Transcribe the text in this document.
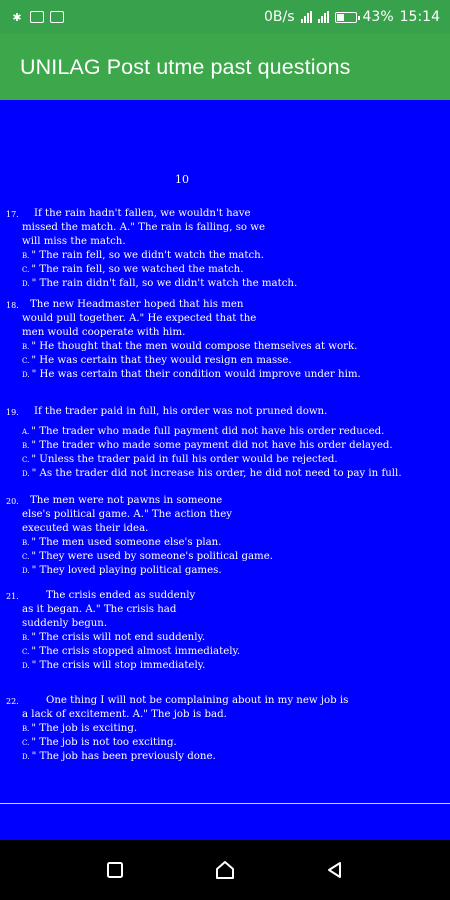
✱	0B/s	43% 15:14
UNILAG Post utme past questions
10
17.	If the rain hadn't fallen, we wouldn't have
missed the match. A." The rain is falling, so we
will miss the match.
B. " The rain fell, so we didn't watch the match.
C. " The rain fell, so we watched the match.
D. " The rain didn't fall, so we didn't watch the match.
18.	The new Headmaster hoped that his men
would pull together. A." He expected that the
men would cooperate with him.
B. " He thought that the men would compose themselves at work.
C. " He was certain that they would resign en masse.
D. " He was certain that their condition would improve under him.
19.	If the trader paid in full, his order was not pruned down.
A. " The trader who made full payment did not have his order reduced.
B. " The trader who made some payment did not have his order delayed.
C. " Unless the trader paid in full his order would be rejected.
D. " As the trader did not increase his order, he did not need to pay in full.
20.	The men were not pawns in someone
else's political game. A." The action they
executed was their idea.
B. " The men used someone else's plan.
C. " They were used by someone's political game.
D. " They loved playing political games.
21.	The crisis ended as suddenly
as it began. A." The crisis had
suddenly begun.
B. " The crisis will not end suddenly.
C. " The crisis stopped almost immediately.
D. " The crisis will stop immediately.
22.	One thing I will not be complaining about in my new job is
a lack of excitement. A." The job is bad.
B. " The job is exciting.
C. " The job is not too exciting.
D. " The job has been previously done.
